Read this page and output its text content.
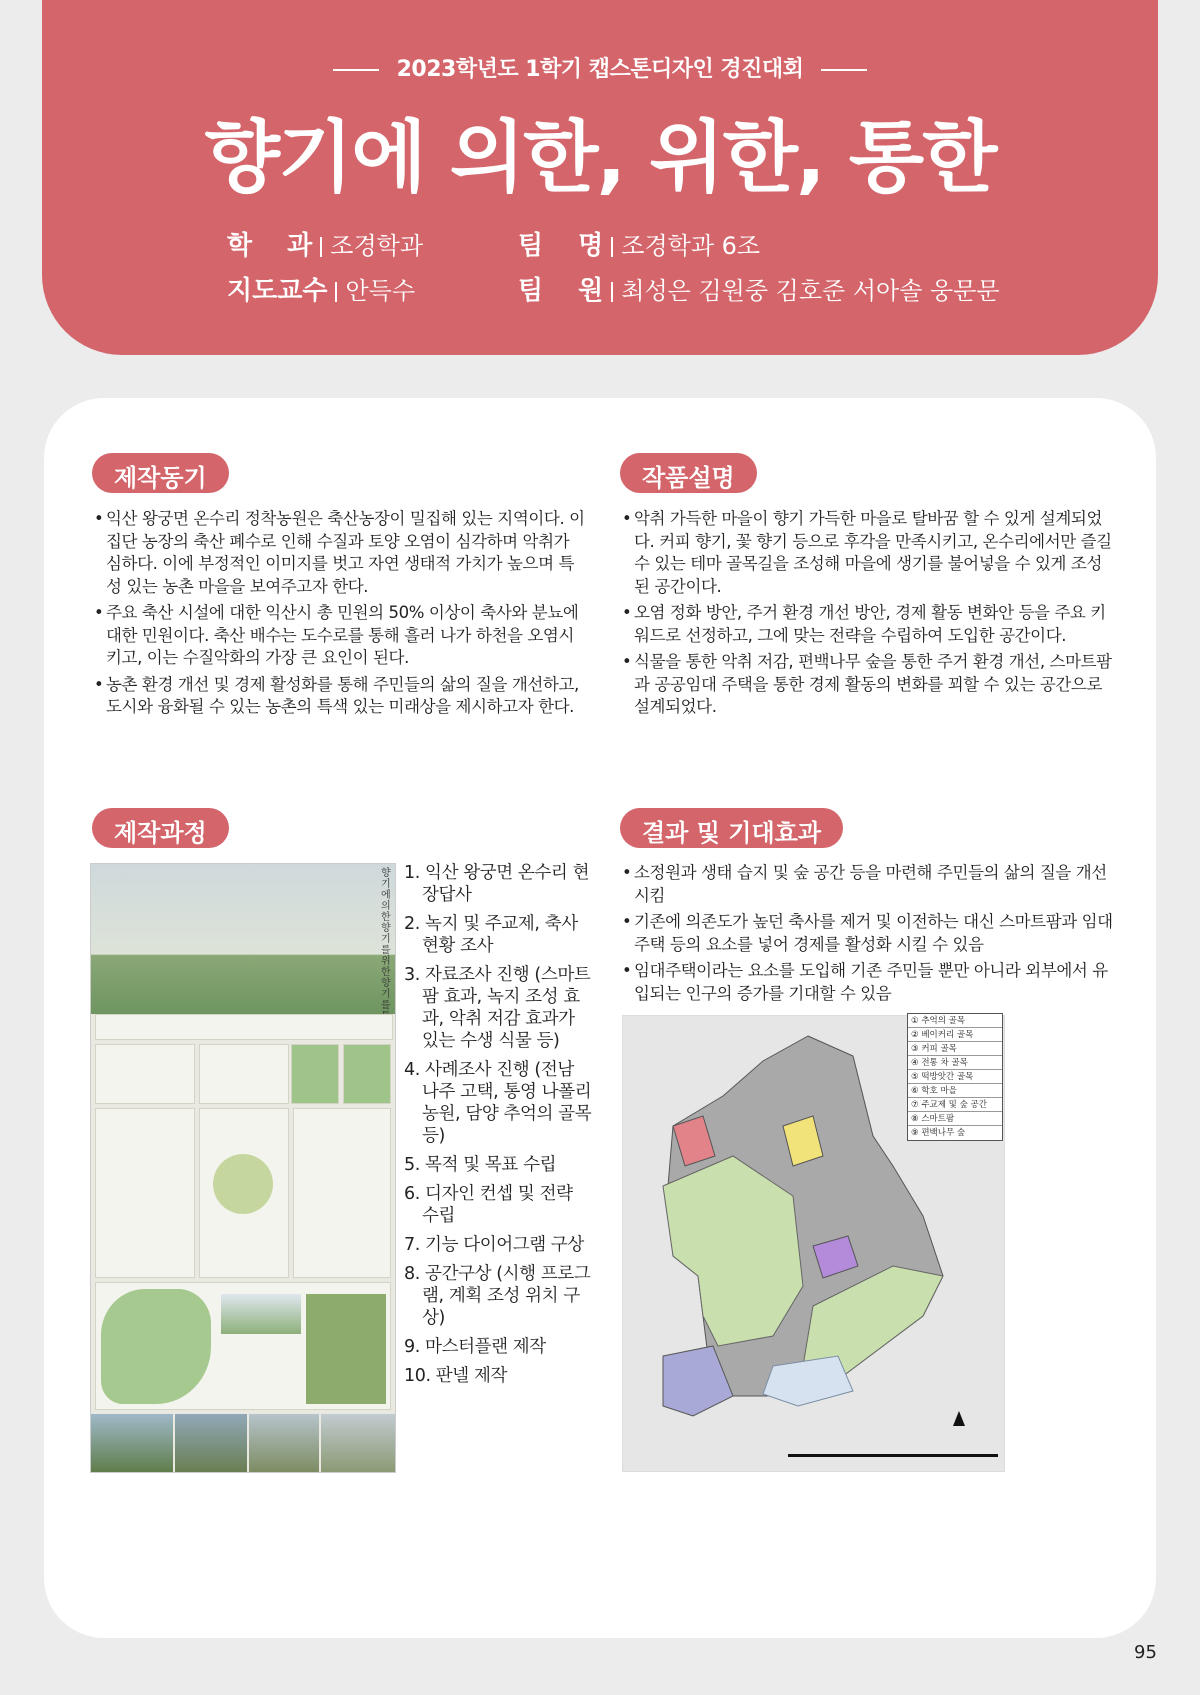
2023학년도 1학기 캡스톤디자인 경진대회
향기에 의한, 위한, 통한
학　 과 조경학과
지도교수 안득수
팀　 명 조경학과 6조
팀　 원 최성은 김원중 김호준 서아솔 웅문문
제작동기
• 익산 왕궁면 온수리 정착농원은 축산농장이 밀집해 있는 지역이다. 이 집단 농장의 축산 폐수로 인해 수질과 토양 오염이 심각하며 악취가 심하다. 이에 부정적인 이미지를 벗고 자연 생태적 가치가 높으며 특성 있는 농촌 마을을 보여주고자 한다.
• 주요 축산 시설에 대한 익산시 총 민원의 50% 이상이 축사와 분뇨에 대한 민원이다. 축산 배수는 도수로를 통해 흘러 나가 하천을 오염시키고, 이는 수질악화의 가장 큰 요인이 된다.
• 농촌 환경 개선 및 경제 활성화를 통해 주민들의 삶의 질을 개선하고, 도시와 융화될 수 있는 농촌의 특색 있는 미래상을 제시하고자 한다.
작품설명
• 악취 가득한 마을이 향기 가득한 마을로 탈바꿈 할 수 있게 설계되었다. 커피 향기, 꽃 향기 등으로 후각을 만족시키고, 온수리에서만 즐길 수 있는 테마 골목길을 조성해 마을에 생기를 불어넣을 수 있게 조성된 공간이다.
• 오염 정화 방안, 주거 환경 개선 방안, 경제 활동 변화안 등을 주요 키워드로 선정하고, 그에 맞는 전략을 수립하여 도입한 공간이다.
• 식물을 통한 악취 저감, 편백나무 숲을 통한 주거 환경 개선, 스마트팜과 공공임대 주택을 통한 경제 활동의 변화를 꾀할 수 있는 공간으로 설계되었다.
제작과정
향기에 의한 향기를 위한 향기를
1. 익산 왕궁면 온수리 현장답사
2. 녹지 및 주교제, 축사 현황 조사
3. 자료조사 진행 (스마트팜 효과, 녹지 조성 효과, 악취 저감 효과가 있는 수생 식물 등)
4. 사례조사 진행 (전남 나주 고택, 통영 나폴리 농원, 담양 추억의 골목 등)
5. 목적 및 목표 수립
6. 디자인 컨셉 및 전략 수립
7. 기능 다이어그램 구상
8. 공간구상 (시행 프로그램, 계획 조성 위치 구상)
9. 마스터플랜 제작
10. 판넬 제작
결과 및 기대효과
• 소정원과 생태 습지 및 숲 공간 등을 마련해 주민들의 삶의 질을 개선시킴
• 기존에 의존도가 높던 축사를 제거 및 이전하는 대신 스마트팜과 임대주택 등의 요소를 넣어 경제를 활성화 시킬 수 있음
• 임대주택이라는 요소를 도입해 기존 주민들 뿐만 아니라 외부에서 유입되는 인구의 증가를 기대할 수 있음
① 추억의 골목
② 베이커리 골목
③ 커피 골목
④ 전통 차 골목
⑤ 떡방앗간 골목
⑥ 학호 마을
⑦ 주교제 및 숲 공간
⑧ 스마트팜
⑨ 편백나무 숲
95
